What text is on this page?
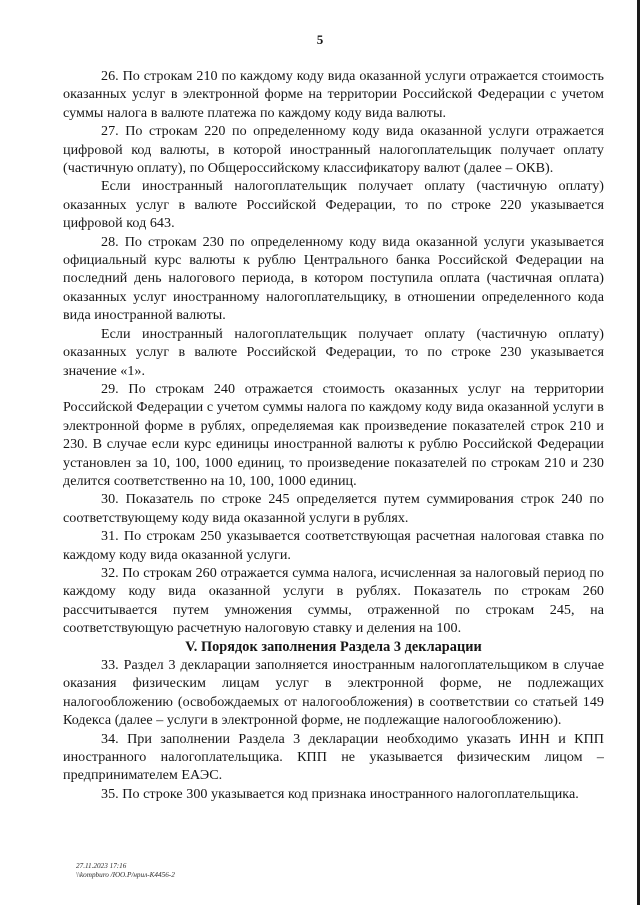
5

26. По строкам 210 по каждому коду вида оказанной услуги отражается стоимость оказанных услуг в электронной форме на территории Российской Федерации с учетом суммы налога в валюте платежа по каждому коду вида валюты.

27. По строкам 220 по определенному коду вида оказанной услуги отражается цифровой код валюты, в которой иностранный налогоплательщик получает оплату (частичную оплату), по Общероссийскому классификатору валют (далее – ОКВ).

Если иностранный налогоплательщик получает оплату (частичную оплату) оказанных услуг в валюте Российской Федерации, то по строке 220 указывается цифровой код 643.

28. По строкам 230 по определенному коду вида оказанной услуги указывается официальный курс валюты к рублю Центрального банка Российской Федерации на последний день налогового периода, в котором поступила оплата (частичная оплата) оказанных услуг иностранному налогоплательщику, в отношении определенного кода вида иностранной валюты.

Если иностранный налогоплательщик получает оплату (частичную оплату) оказанных услуг в валюте Российской Федерации, то по строке 230 указывается значение «1».

29. По строкам 240 отражается стоимость оказанных услуг на территории Российской Федерации с учетом суммы налога по каждому коду вида оказанной услуги в электронной форме в рублях, определяемая как произведение показателей строк 210 и 230. В случае если курс единицы иностранной валюты к рублю Российской Федерации установлен за 10, 100, 1000 единиц, то произведение показателей по строкам 210 и 230 делится соответственно на 10, 100, 1000 единиц.

30. Показатель по строке 245 определяется путем суммирования строк 240 по соответствующему коду вида оказанной услуги в рублях.

31. По строкам 250 указывается соответствующая расчетная налоговая ставка по каждому коду вида оказанной услуги.

32. По строкам 260 отражается сумма налога, исчисленная за налоговый период по каждому коду вида оказанной услуги в рублях. Показатель по строкам 260 рассчитывается путем умножения суммы, отраженной по строкам 245, на соответствующую расчетную налоговую ставку и деления на 100.

V. Порядок заполнения Раздела 3 декларации

33. Раздел 3 декларации заполняется иностранным налогоплательщиком в случае оказания физическим лицам услуг в электронной форме, не подлежащих налогообложению (освобождаемых от налогообложения) в соответствии со статьей 149 Кодекса (далее – услуги в электронной форме, не подлежащие налогообложению).

34. При заполнении Раздела 3 декларации необходимо указать ИНН и КПП иностранного налогоплательщика. КПП не указывается физическим лицом – предпринимателем ЕАЭС.

35. По строке 300 указывается код признака иностранного налогоплательщика.

27.11.2023 17:16
\\kompburo /ЮО.Р/нрил-К4456-2
